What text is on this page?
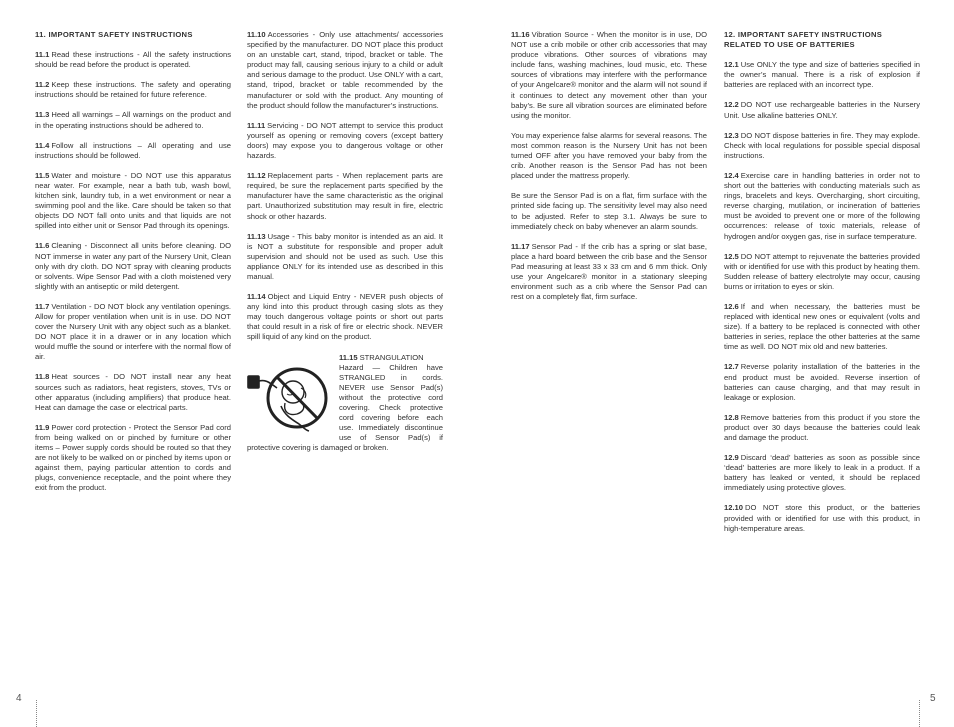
11. IMPORTANT SAFETY INSTRUCTIONS
11.1 Read these instructions - All the safety instructions should be read before the product is operated.
11.2 Keep these instructions. The safety and operating instructions should be retained for future reference.
11.3 Heed all warnings – All warnings on the product and in the operating instructions should be adhered to.
11.4 Follow all instructions – All operating and use instructions should be followed.
11.5 Water and moisture - DO NOT use this apparatus near water. For example, near a bath tub, wash bowl, kitchen sink, laundry tub, in a wet environment or near a swimming pool and the like. Care should be taken so that objects DO NOT fall onto units and that liquids are not spilled into either unit or Sensor Pad through its openings.
11.6 Cleaning - Disconnect all units before cleaning. DO NOT immerse in water any part of the Nursery Unit, Clean only with dry cloth. DO NOT spray with cleaning products or solvents. Wipe Sensor Pad with a cloth moistened very slightly with an antiseptic or mild detergent.
11.7 Ventilation - DO NOT block any ventilation openings. Allow for proper ventilation when unit is in use. DO NOT cover the Nursery Unit with any object such as a blanket. DO NOT place it in a drawer or in any location which would muffle the sound or interfere with the normal flow of air.
11.8 Heat sources - DO NOT install near any heat sources such as radiators, heat registers, stoves, TVs or other apparatus (including amplifiers) that produce heat. Heat can damage the case or electrical parts.
11.9 Power cord protection - Protect the Sensor Pad cord from being walked on or pinched by furniture or other items – Power supply cords should be routed so that they are not likely to be walked on or pinched by items upon or against them, paying particular attention to cords and plugs, convenience receptacle, and the point where they exit from the product.
11.10 Accessories - Only use attachments/ accessories specified by the manufacturer. DO NOT place this product on an unstable cart, stand, tripod, bracket or table. The product may fall, causing serious injury to a child or adult and serious damage to the product. Use ONLY with a cart, stand, tripod, bracket or table recommended by the manufacturer or sold with the product. Any mounting of the product should follow the manufacturer’s instructions.
11.11 Servicing - DO NOT attempt to service this product yourself as opening or removing covers (except battery doors) may expose you to dangerous voltage or other hazards.
11.12 Replacement parts - When replacement parts are required, be sure the replacement parts specified by the manufacturer have the same characteristic as the original part. Unauthorized substitution may result in fire, electric shock or other hazards.
11.13 Usage - This baby monitor is intended as an aid. It is NOT a substitute for responsible and proper adult supervision and should not be used as such. Use this appliance ONLY for its intended use as described in this manual.
11.14 Object and Liquid Entry - NEVER push objects of any kind into this product through casing slots as they may touch dangerous voltage points or short out parts that could result in a risk of fire or electric shock. NEVER spill liquid of any kind on the product.
11.15 STRANGULATION Hazard — Children have STRANGLED in cords. NEVER use Sensor Pad(s) without the protective cord covering. Check protective cord covering before each use. Immediately discontinue use of Sensor Pad(s) if protective covering is damaged or broken.
11.16 Vibration Source - When the monitor is in use, DO NOT use a crib mobile or other crib accessories that may produce vibrations. Other sources of vibrations may include fans, washing machines, loud music, etc. These sources of vibrations may interfere with the performance of your Angelcare® monitor and the alarm will not sound if it continues to detect any movement other than your baby’s. Be sure all vibration sources are eliminated before using the monitor.
You may experience false alarms for several reasons. The most common reason is the Nursery Unit has not been turned OFF after you have removed your baby from the crib. Another reason is the Sensor Pad has not been placed under the mattress properly.
Be sure the Sensor Pad is on a flat, firm surface with the printed side facing up. The sensitivity level may also need to be adjusted. Refer to step 3.1. Always be sure to immediately check on baby whenever an alarm sounds.
11.17 Sensor Pad - If the crib has a spring or slat base, place a hard board between the crib base and the Sensor Pad measuring at least 33 x 33 cm and 6 mm thick. Only use your Angelcare® monitor in a stationary sleeping environment such as a crib where the Sensor Pad can rest on a completely flat, firm surface.
12. IMPORTANT SAFETY INSTRUCTIONS RELATED TO USE OF BATTERIES
12.1 Use ONLY the type and size of batteries specified in the owner’s manual. There is a risk of explosion if batteries are replaced with an incorrect type.
12.2 DO NOT use rechargeable batteries in the Nursery Unit. Use alkaline batteries ONLY.
12.3 DO NOT dispose batteries in fire. They may explode. Check with local regulations for possible special disposal instructions.
12.4 Exercise care in handling batteries in order not to short out the batteries with conducting materials such as rings, bracelets and keys. Overcharging, short circuiting, reverse charging, mutilation, or incineration of batteries must be avoided to prevent one or more of the following occurrences: release of toxic materials, release of hydrogen and/or oxygen gas, rise in surface temperature.
12.5 DO NOT attempt to rejuvenate the batteries provided with or identified for use with this product by heating them. Sudden release of battery electrolyte may occur, causing burns or irritation to eyes or skin.
12.6 If and when necessary, the batteries must be replaced with identical new ones or equivalent (volts and size). If a battery to be replaced is connected with other batteries in series, replace the other batteries at the same time as well. DO NOT mix old and new batteries.
12.7 Reverse polarity installation of the batteries in the end product must be avoided. Reverse insertion of batteries can cause charging, and that may result in leakage or explosion.
12.8 Remove batteries from this product if you store the product over 30 days because the batteries could leak and damage the product.
12.9 Discard ‘dead’ batteries as soon as possible since ‘dead’ batteries are more likely to leak in a product. If a battery has leaked or vented, it should be replaced immediately using protective gloves.
12.10 DO NOT store this product, or the batteries provided with or identified for use with this product, in high-temperature areas.
4	5
